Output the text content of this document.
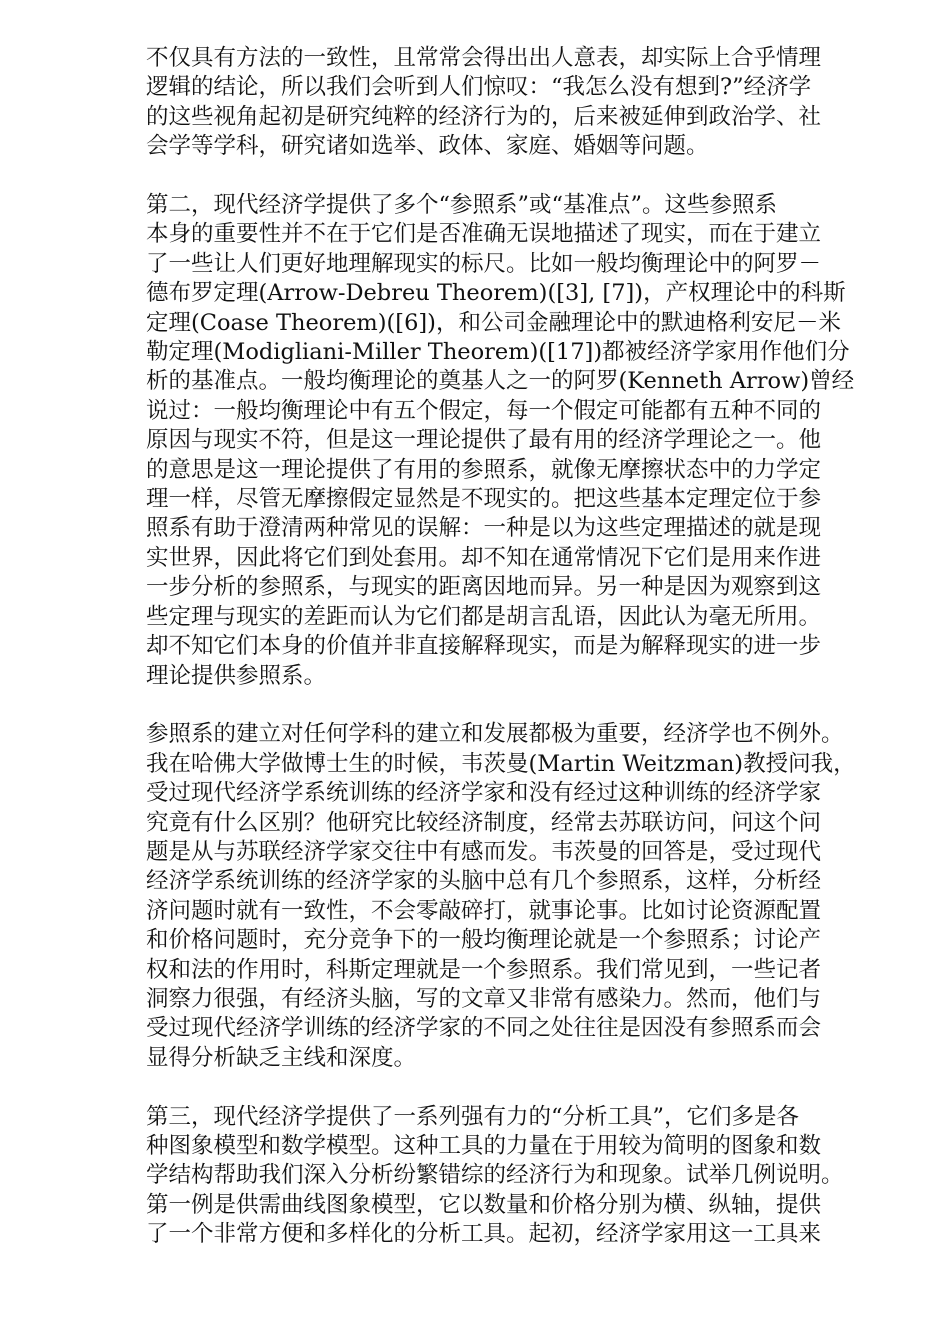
不仅具有方法的一致性，且常常会得出出人意表，却实际上合乎情理
逻辑的结论，所以我们会听到人们惊叹：“我怎么没有想到?”经济学
的这些视角起初是研究纯粹的经济行为的，后来被延伸到政治学、社
会学等学科，研究诸如选举、政体、家庭、婚姻等问题。
第二，现代经济学提供了多个“参照系”或“基准点”。这些参照系
本身的重要性并不在于它们是否准确无误地描述了现实，而在于建立
了一些让人们更好地理解现实的标尺。比如一般均衡理论中的阿罗－
德布罗定理(Arrow-Debreu Theorem)([3], [7])，产权理论中的科斯
定理(Coase Theorem)([6])，和公司金融理论中的默迪格利安尼－米
勒定理(Modigliani-Miller Theorem)([17])都被经济学家用作他们分
析的基准点。一般均衡理论的奠基人之一的阿罗(Kenneth Arrow)曾经
说过：一般均衡理论中有五个假定，每一个假定可能都有五种不同的
原因与现实不符，但是这一理论提供了最有用的经济学理论之一。他
的意思是这一理论提供了有用的参照系，就像无摩擦状态中的力学定
理一样，尽管无摩擦假定显然是不现实的。把这些基本定理定位于参
照系有助于澄清两种常见的误解：一种是以为这些定理描述的就是现
实世界，因此将它们到处套用。却不知在通常情况下它们是用来作进
一步分析的参照系，与现实的距离因地而异。另一种是因为观察到这
些定理与现实的差距而认为它们都是胡言乱语，因此认为毫无所用。
却不知它们本身的价值并非直接解释现实，而是为解释现实的进一步
理论提供参照系。
参照系的建立对任何学科的建立和发展都极为重要，经济学也不例外。
我在哈佛大学做博士生的时候，韦茨曼(Martin Weitzman)教授问我，
受过现代经济学系统训练的经济学家和没有经过这种训练的经济学家
究竟有什么区别？他研究比较经济制度，经常去苏联访问，问这个问
题是从与苏联经济学家交往中有感而发。韦茨曼的回答是，受过现代
经济学系统训练的经济学家的头脑中总有几个参照系，这样，分析经
济问题时就有一致性，不会零敲碎打，就事论事。比如讨论资源配置
和价格问题时，充分竞争下的一般均衡理论就是一个参照系；讨论产
权和法的作用时，科斯定理就是一个参照系。我们常见到，一些记者
洞察力很强，有经济头脑，写的文章又非常有感染力。然而，他们与
受过现代经济学训练的经济学家的不同之处往往是因没有参照系而会
显得分析缺乏主线和深度。
第三，现代经济学提供了一系列强有力的“分析工具”，它们多是各
种图象模型和数学模型。这种工具的力量在于用较为简明的图象和数
学结构帮助我们深入分析纷繁错综的经济行为和现象。试举几例说明。
第一例是供需曲线图象模型，它以数量和价格分别为横、纵轴，提供
了一个非常方便和多样化的分析工具。起初，经济学家用这一工具来
